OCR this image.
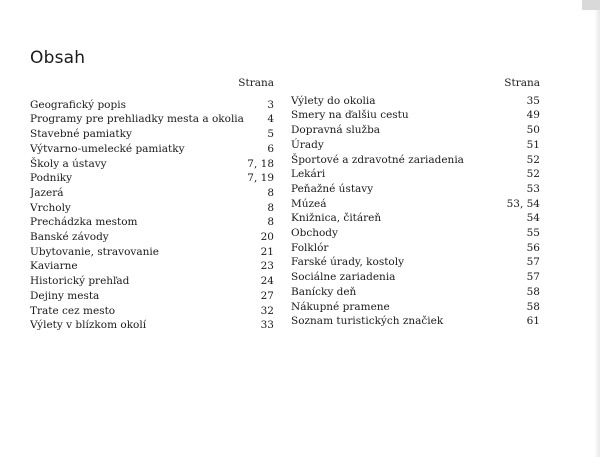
Obsah
Strana
Geografický popis	3
Programy pre prehliadky mesta a okolia	4
Stavebné pamiatky	5
Výtvarno-umelecké pamiatky	6
Školy a ústavy	7, 18
Podniky	7, 19
Jazerá	8
Vrcholy	8
Prechádzka mestom	8
Banské závody	20
Ubytovanie, stravovanie	21
Kaviarne	23
Historický prehľad	24
Dejiny mesta	27
Trate cez mesto	32
Výlety v blízkom okolí	33
Strana
Výlety do okolia	35
Smery na ďalšiu cestu	49
Dopravná služba	50
Úrady	51
Športové a zdravotné zariadenia	52
Lekári	52
Peňažné ústavy	53
Múzeá	53, 54
Knižnica, čitáreň	54
Obchody	55
Folklór	56
Farské úrady, kostoly	57
Sociálne zariadenia	57
Banícky deň	58
Nákupné pramene	58
Soznam turistických značiek	61
